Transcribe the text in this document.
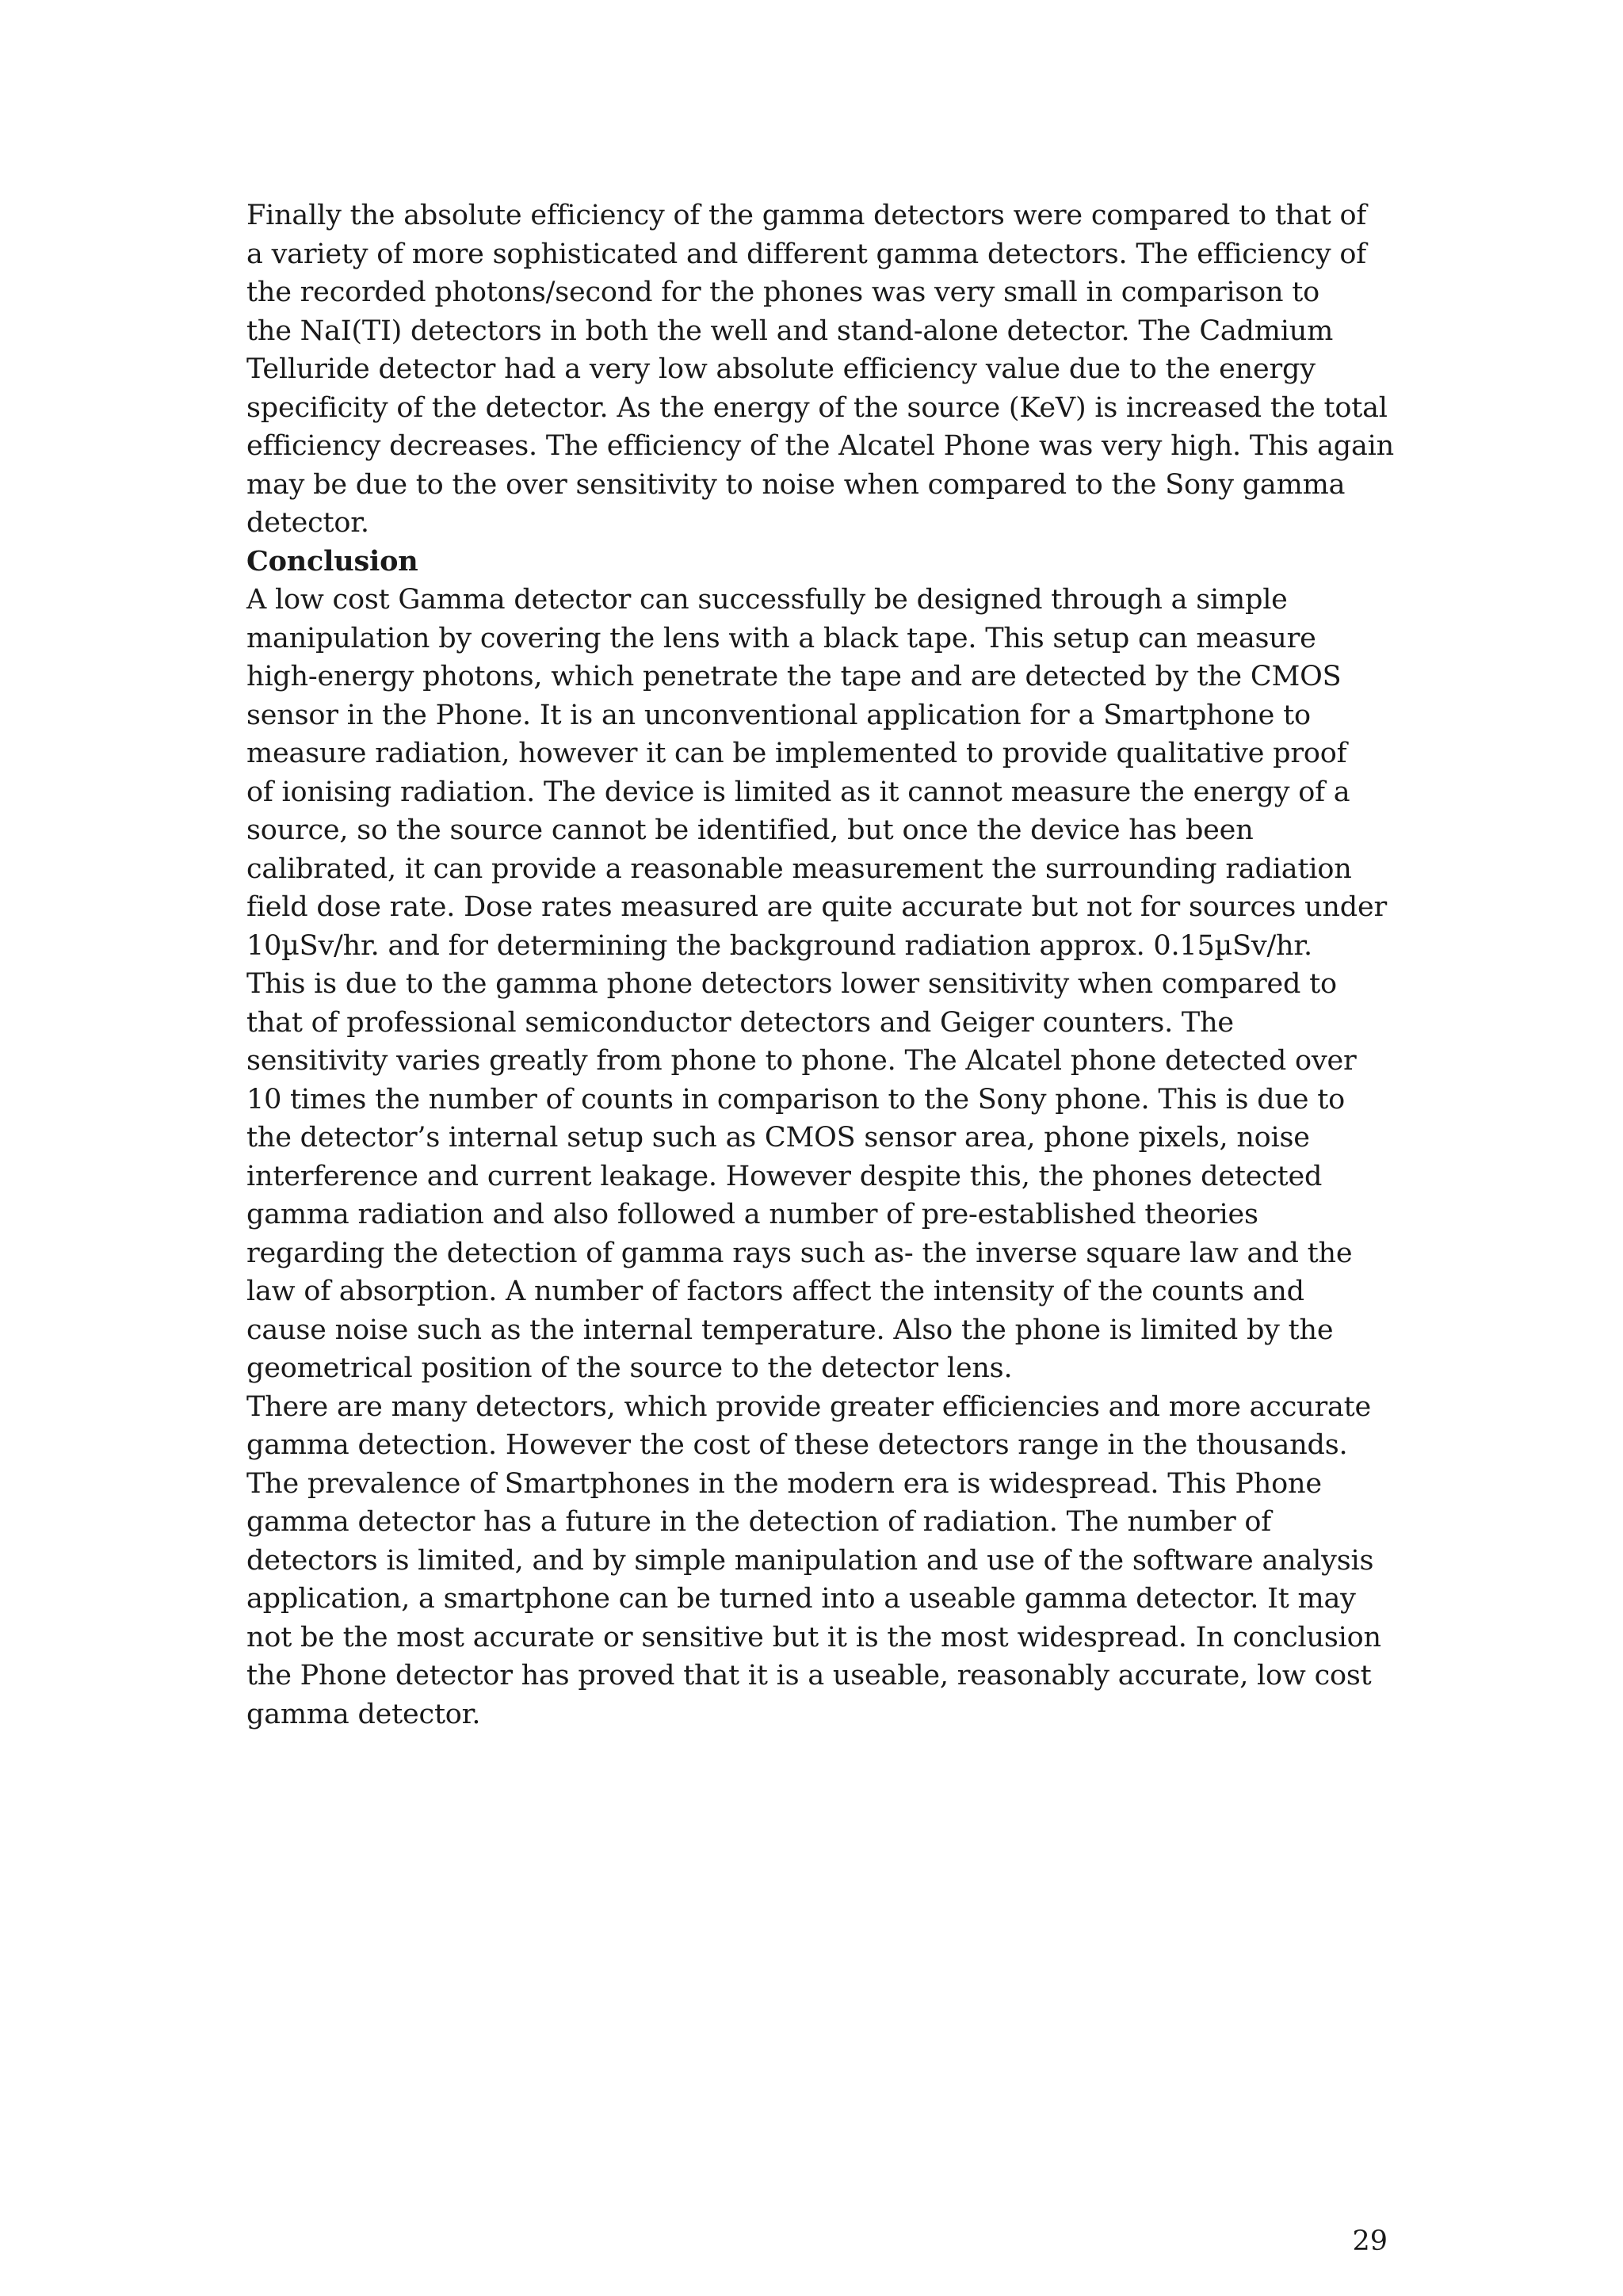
Finally the absolute efficiency of the gamma detectors were compared to that of

a variety of more sophisticated and different gamma detectors. The efficiency of

the recorded photons/second for the phones was very small in comparison to

the NaI(TI) detectors in both the well and stand-alone detector. The Cadmium

Telluride detector had a very low absolute efficiency value due to the energy

specificity of the detector. As the energy of the source (KeV) is increased the total

efficiency decreases. The efficiency of the Alcatel Phone was very high. This again

may be due to the over sensitivity to noise when compared to the Sony gamma

detector.

Conclusion

A low cost Gamma detector can successfully be designed through a simple

manipulation by covering the lens with a black tape. This setup can measure

high-energy photons, which penetrate the tape and are detected by the CMOS

sensor in the Phone. It is an unconventional application for a Smartphone to

measure radiation, however it can be implemented to provide qualitative proof

of ionising radiation. The device is limited as it cannot measure the energy of a

source, so the source cannot be identified, but once the device has been

calibrated, it can provide a reasonable measurement the surrounding radiation

field dose rate. Dose rates measured are quite accurate but not for sources under

10µSv/hr. and for determining the background radiation approx. 0.15µSv/hr.

This is due to the gamma phone detectors lower sensitivity when compared to

that of professional semiconductor detectors and Geiger counters. The

sensitivity varies greatly from phone to phone. The Alcatel phone detected over

10 times the number of counts in comparison to the Sony phone. This is due to

the detector’s internal setup such as CMOS sensor area, phone pixels, noise

interference and current leakage. However despite this, the phones detected

gamma radiation and also followed a number of pre-established theories

regarding the detection of gamma rays such as- the inverse square law and the

law of absorption. A number of factors affect the intensity of the counts and

cause noise such as the internal temperature. Also the phone is limited by the

geometrical position of the source to the detector lens.

There are many detectors, which provide greater efficiencies and more accurate

gamma detection. However the cost of these detectors range in the thousands.

The prevalence of Smartphones in the modern era is widespread. This Phone

gamma detector has a future in the detection of radiation. The number of

detectors is limited, and by simple manipulation and use of the software analysis

application, a smartphone can be turned into a useable gamma detector. It may

not be the most accurate or sensitive but it is the most widespread. In conclusion

the Phone detector has proved that it is a useable, reasonably accurate, low cost

gamma detector.

29
